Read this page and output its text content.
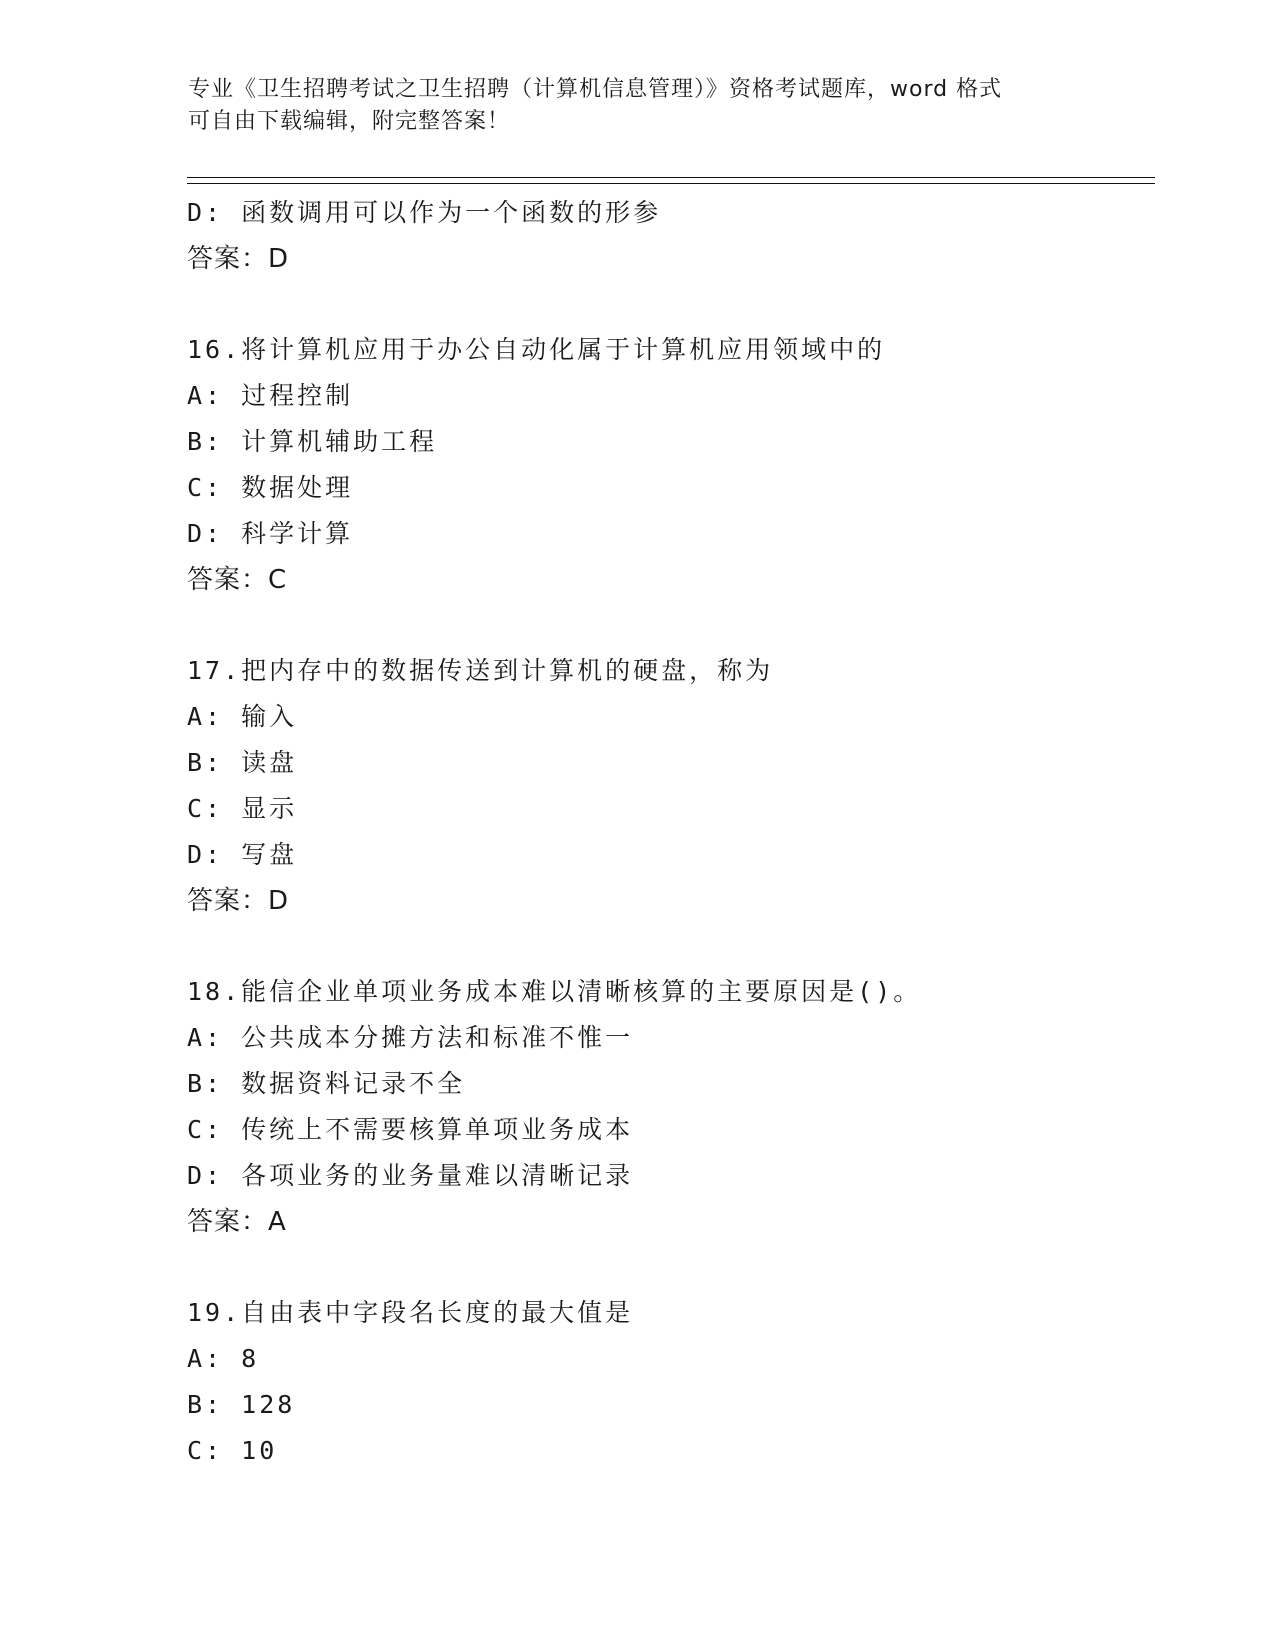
专业《卫生招聘考试之卫生招聘（计算机信息管理）》资格考试题库，word 格式
可自由下载编辑，附完整答案！
D: 函数调用可以作为一个函数的形参
答案：D
16.将计算机应用于办公自动化属于计算机应用领域中的
A: 过程控制
B: 计算机辅助工程
C: 数据处理
D: 科学计算
答案：C
17.把内存中的数据传送到计算机的硬盘，称为
A: 输入
B: 读盘
C: 显示
D: 写盘
答案：D
18.能信企业单项业务成本难以清晰核算的主要原因是()。
A: 公共成本分摊方法和标准不惟一
B: 数据资料记录不全
C: 传统上不需要核算单项业务成本
D: 各项业务的业务量难以清晰记录
答案：A
19.自由表中字段名长度的最大值是
A: 8
B: 128
C: 10
